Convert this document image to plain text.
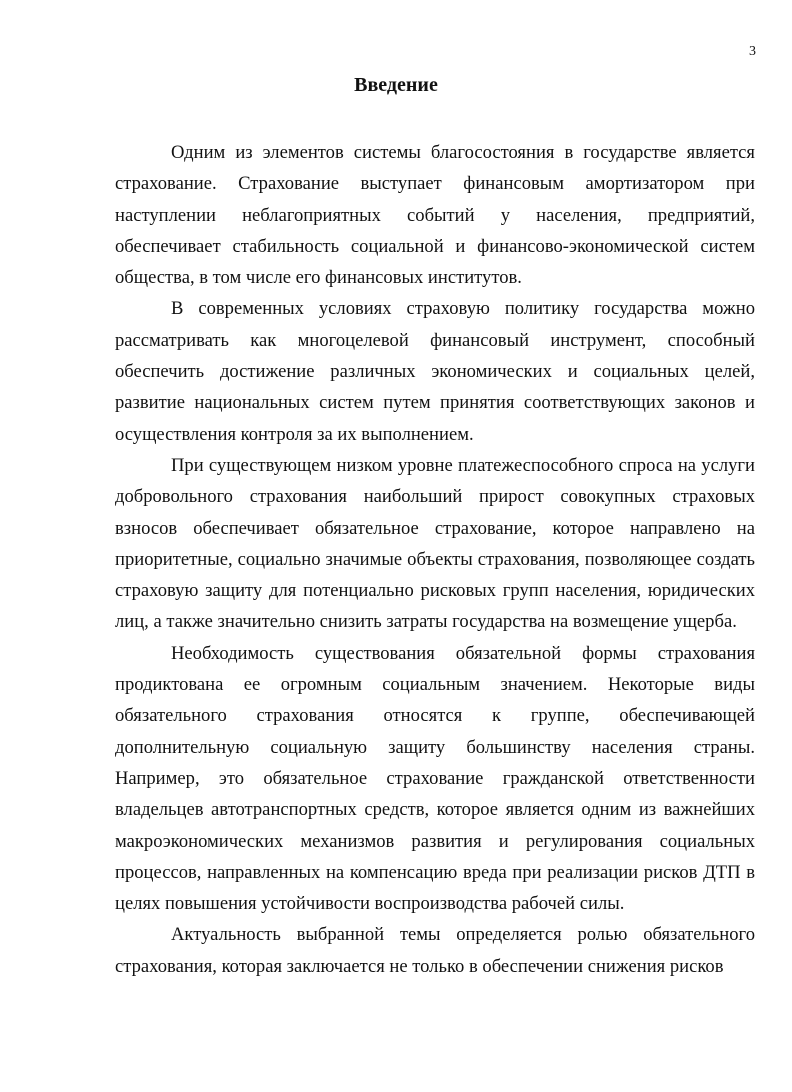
3
Введение

Одним из элементов системы благосостояния в государстве является страхование. Страхование выступает финансовым амортизатором при наступлении неблагоприятных событий у населения, предприятий, обеспечивает стабильность социальной и финансово-экономической систем общества, в том числе его финансовых институтов.

В современных условиях страховую политику государства можно рассматривать как многоцелевой финансовый инструмент, способный обеспечить достижение различных экономических и социальных целей, развитие национальных систем путем принятия соответствующих законов и осуществления контроля за их выполнением.

При существующем низком уровне платежеспособного спроса на услуги добровольного страхования наибольший прирост совокупных страховых взносов обеспечивает обязательное страхование, которое направлено на приоритетные, социально значимые объекты страхования, позволяющее создать страховую защиту для потенциально рисковых групп населения, юридических лиц, а также значительно снизить затраты государства на возмещение ущерба.

Необходимость существования обязательной формы страхования продиктована ее огромным социальным значением. Некоторые виды обязательного страхования относятся к группе, обеспечивающей дополнительную социальную защиту большинству населения страны. Например, это обязательное страхование гражданской ответственности владельцев автотранспортных средств, которое является одним из важнейших макроэкономических механизмов развития и регулирования социальных процессов, направленных на компенсацию вреда при реализации рисков ДТП в целях повышения устойчивости воспроизводства рабочей силы.

Актуальность выбранной темы определяется ролью обязательного страхования, которая заключается не только в обеспечении снижения рисков
